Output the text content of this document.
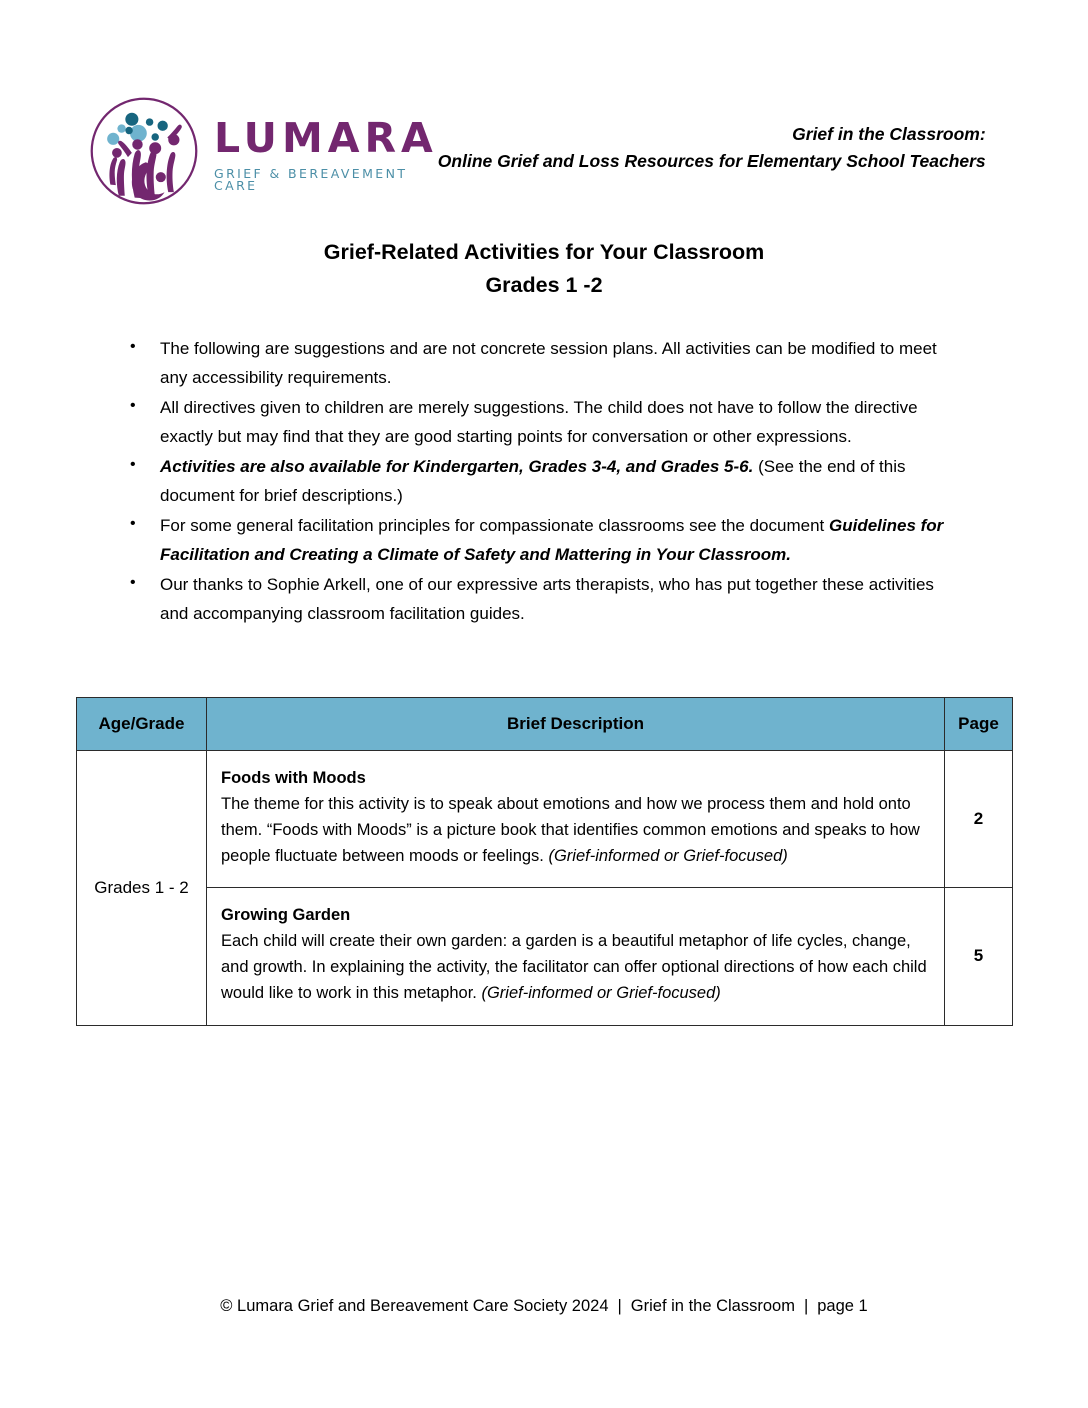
LUMARA
GRIEF & BEREAVEMENT CARE
Grief in the Classroom:
Online Grief and Loss Resources for Elementary School Teachers
Grief-Related Activities for Your Classroom
Grades 1 -2
• The following are suggestions and are not concrete session plans. All activities can be modified to meet any accessibility requirements.
• All directives given to children are merely suggestions. The child does not have to follow the directive exactly but may find that they are good starting points for conversation or other expressions.
• Activities are also available for Kindergarten, Grades 3-4, and Grades 5-6. (See the end of this document for brief descriptions.)
• For some general facilitation principles for compassionate classrooms see the document Guidelines for Facilitation and Creating a Climate of Safety and Mattering in Your Classroom.
• Our thanks to Sophie Arkell, one of our expressive arts therapists, who has put together these activities and accompanying classroom facilitation guides.
Age/Grade	Brief Description	Page
Grades 1 - 2	Foods with Moods
The theme for this activity is to speak about emotions and how we process them and hold onto them. “Foods with Moods” is a picture book that identifies common emotions and speaks to how people fluctuate between moods or feelings. (Grief-informed or Grief-focused)	2

	Growing Garden
Each child will create their own garden: a garden is a beautiful metaphor of life cycles, change, and growth. In explaining the activity, the facilitator can offer optional directions of how each child would like to work in this metaphor. (Grief-informed or Grief-focused)	5
© Lumara Grief and Bereavement Care Society 2024 | Grief in the Classroom | page 1
